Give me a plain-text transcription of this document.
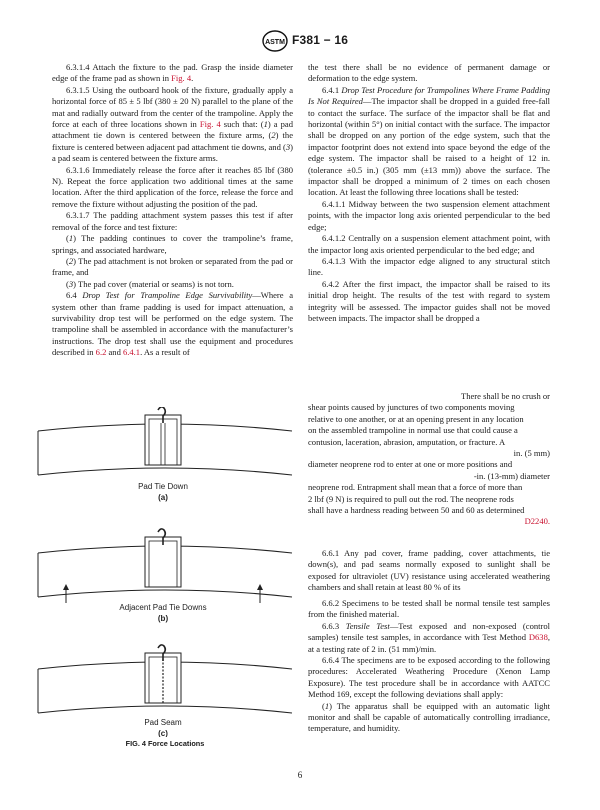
ASTM F381 − 16

6.3.1.4 Attach the fixture to the pad. Grasp the inside diameter edge of the frame pad as shown in Fig. 4.

6.3.1.5 Using the outboard hook of the fixture, gradually apply a horizontal force of 85 ± 5 lbf (380 ± 20 N) parallel to the plane of the mat and radially outward from the center of the trampoline. Apply the force at each of three locations shown in Fig. 4 such that: (1) a pad attachment tie down is centered between the fixture arms, (2) the fixture is centered between adjacent pad attachment tie downs, and (3) a pad seam is centered between the fixture arms.

6.3.1.6 Immediately release the force after it reaches 85 lbf (380 N). Repeat the force application two additional times at the same location. After the third application of the force, release the force and remove the fixture without adjusting the position of the pad.

6.3.1.7 The padding attachment system passes this test if after removal of the force and test fixture:

(1) The padding continues to cover the trampoline’s frame, springs, and associated hardware,

(2) The pad attachment is not broken or separated from the pad or frame, and

(3) The pad cover (material or seams) is not torn.

6.4 Drop Test for Trampoline Edge Survivability—Where a system other than frame padding is used for impact attenuation, a survivability drop test will be performed on the edge system. The trampoline shall be assembled in accordance with the manufacturer’s instructions. The drop test shall use the equipment and procedures described in 6.2 and 6.4.1. As a result of

the test there shall be no evidence of permanent damage or deformation to the edge system.

6.4.1 Drop Test Procedure for Trampolines Where Frame Padding Is Not Required—The impactor shall be dropped in a guided free-fall to contact the surface. The surface of the impactor shall be flat and horizontal (within 5°) on initial contact with the surface. The impactor shall be dropped on any portion of the edge system, such that the impactor footprint does not extend into space beyond the edge of the edge system. The impactor shall be raised to a height of 12 in. (tolerance ±0.5 in.) (305 mm (±13 mm)) above the surface. The impactor shall be dropped a minimum of 2 times on each chosen location. At least the following three locations shall be tested:

6.4.1.1 Midway between the two suspension element attachment points, with the impactor long axis oriented perpendicular to the bed edge;

6.4.1.2 Centrally on a suspension element attachment point, with the impactor long axis oriented perpendicular to the bed edge; and

6.4.1.3 With the impactor edge aligned to any structural stitch line.

6.4.2 After the first impact, the impactor shall be raised to its initial drop height. The results of the test with regard to system integrity will be assessed. The impactor guides shall not be moved between impacts. The impactor shall be dropped a

There shall be no crush or
shear points caused by junctures of two components moving
relative to one another, or at an opening present in any location
on the assembled trampoline in normal use that could cause a
contusion, laceration, abrasion, amputation, or fracture. A
in. (5 mm)
diameter neoprene rod to enter at one or more positions and
-in. (13-mm) diameter
neoprene rod. Entrapment shall mean that a force of more than
2 lbf (9 N) is required to pull out the rod. The neoprene rods
shall have a hardness reading between 50 and 60 as determined
D2240.

6.6.1 Any pad cover, frame padding, cover attachments, tie down(s), and pad seams normally exposed to sunlight shall be exposed for ultraviolet (UV) resistance using accelerated weathering chambers and shall retain at least 80 % of its

6.6.2 Specimens to be tested shall be normal tensile test samples from the finished material.

6.6.3 Tensile Test—Test exposed and non-exposed (control samples) tensile test samples, in accordance with Test Method D638, at a testing rate of 2 in. (51 mm)/min.

6.6.4 The specimens are to be exposed according to the following procedures: Accelerated Weathering Procedure (Xenon Lamp Exposure). The test procedure shall be in accordance with AATCC Method 169, except the following deviations shall apply:

(1) The apparatus shall be equipped with an automatic light monitor and shall be capable of automatically controlling irradiance, temperature, and humidity.

Pad Tie Down
(a)
Adjacent Pad Tie Downs
(b)
Pad Seam
(c)
FIG. 4 Force Locations
6
